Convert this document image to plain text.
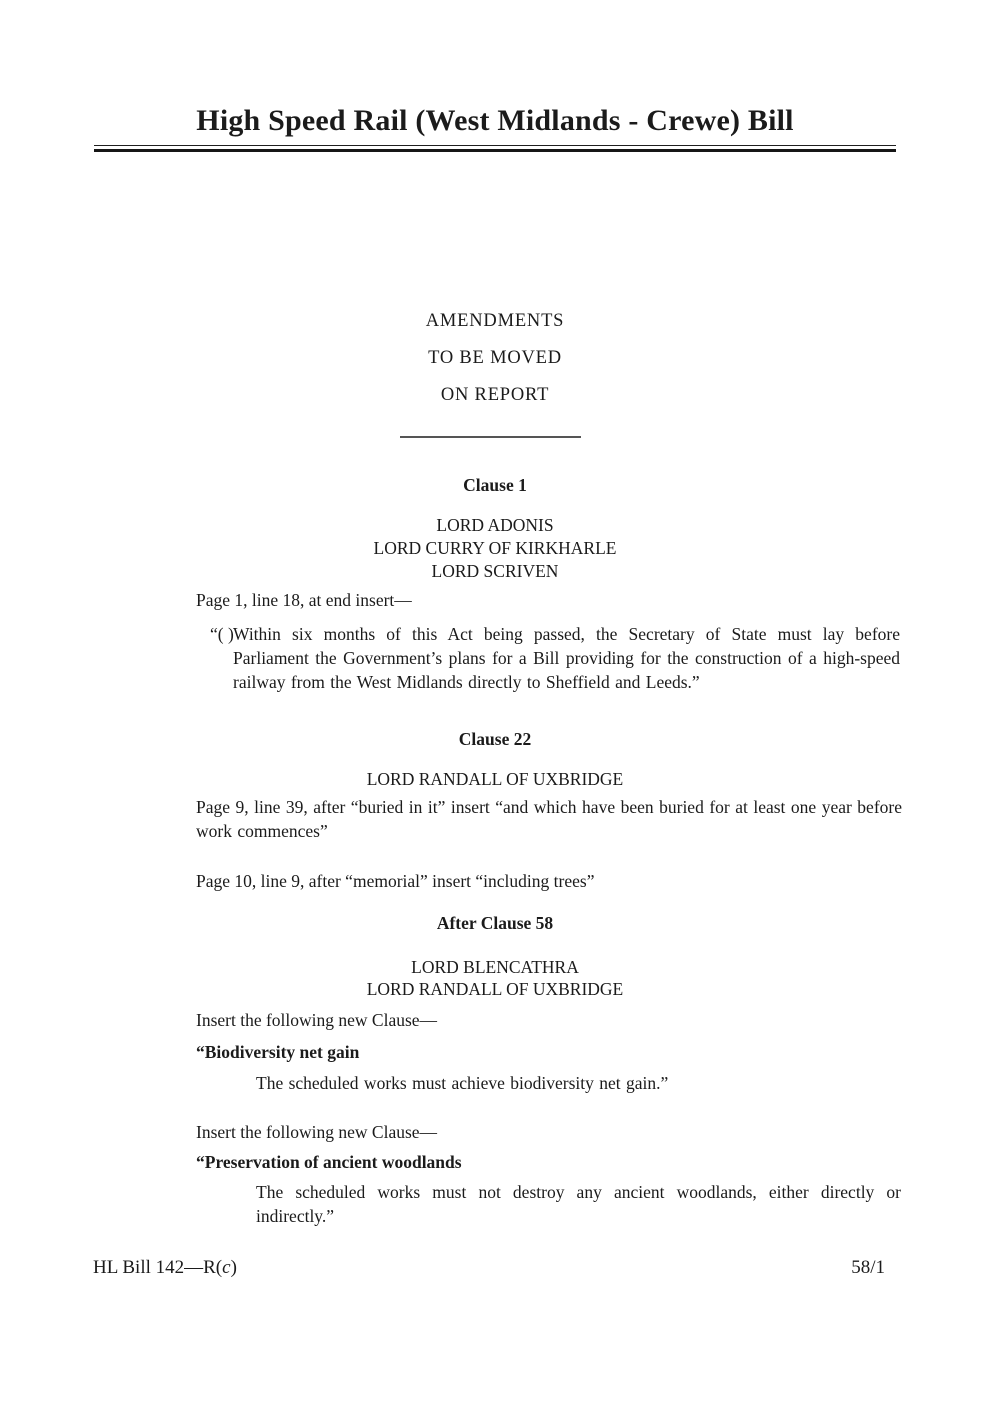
High Speed Rail (West Midlands - Crewe) Bill
AMENDMENTS
TO BE MOVED
ON REPORT
Clause 1
LORD ADONIS
LORD CURRY OF KIRKHARLE
LORD SCRIVEN
Page 1, line 18, at end insert—
“( ) Within six months of this Act being passed, the Secretary of State must lay before Parliament the Government’s plans for a Bill providing for the construction of a high-speed railway from the West Midlands directly to Sheffield and Leeds.”
Clause 22
LORD RANDALL OF UXBRIDGE
Page 9, line 39, after “buried in it” insert “and which have been buried for at least one year before work commences”
Page 10, line 9, after “memorial” insert “including trees”
After Clause 58
LORD BLENCATHRA
LORD RANDALL OF UXBRIDGE
Insert the following new Clause—
“Biodiversity net gain
The scheduled works must achieve biodiversity net gain.”
Insert the following new Clause—
“Preservation of ancient woodlands
The scheduled works must not destroy any ancient woodlands, either directly or indirectly.”
HL Bill 142—R(c)	58/1
